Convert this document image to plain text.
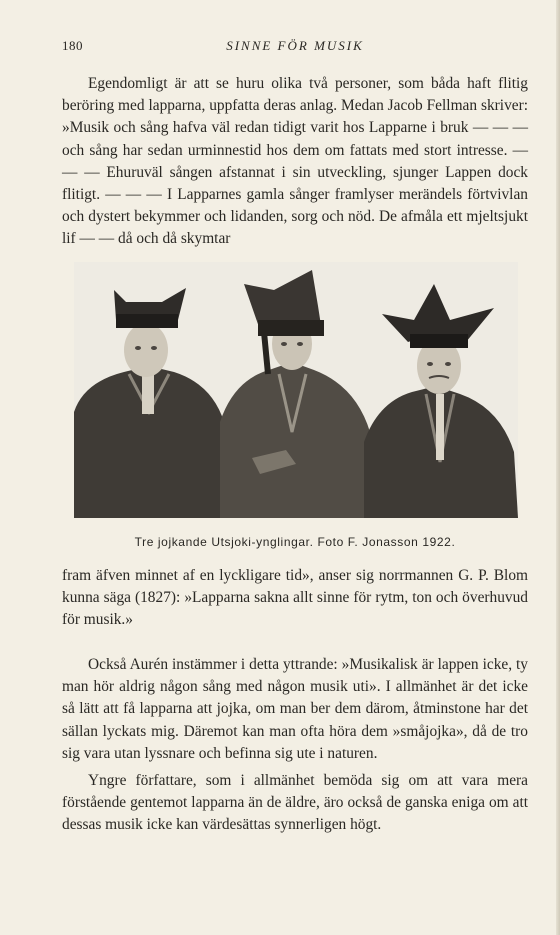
180	SINNE FÖR MUSIK

Egendomligt är att se huru olika två personer, som båda haft flitig beröring med lapparna, uppfatta deras anlag. Medan Jacob Fellman skriver: »Musik och sång hafva väl redan tidigt varit hos Lapparne i bruk — — — och sång har sedan urminnestid hos dem om fattats med stort intresse. — — — Ehuruväl sången afstannat i sin utveckling, sjunger Lappen dock flitigt. — — — I Lapparnes gamla sånger framlyser merändels förtvivlan och dystert bekymmer och lidanden, sorg och nöd. De afmåla ett mjeltsjukt lif — — då och då skymtar

Tre jojkande Utsjoki-ynglingar. Foto F. Jonasson 1922.

fram äfven minnet af en lyckligare tid», anser sig norrmannen G. P. Blom kunna säga (1827): »Lapparna sakna allt sinne för rytm, ton och överhuvud för musik.»

Också Aurén instämmer i detta yttrande: »Musikalisk är lappen icke, ty man hör aldrig någon sång med någon musik uti». I allmänhet är det icke så lätt att få lapparna att jojka, om man ber dem därom, åtminstone har det sällan lyckats mig. Däremot kan man ofta höra dem »småjojka», då de tro sig vara utan lyssnare och befinna sig ute i naturen.

Yngre författare, som i allmänhet bemöda sig om att vara mera förstående gentemot lapparna än de äldre, äro också de ganska eniga om att dessas musik icke kan värdesättas synnerligen högt.
